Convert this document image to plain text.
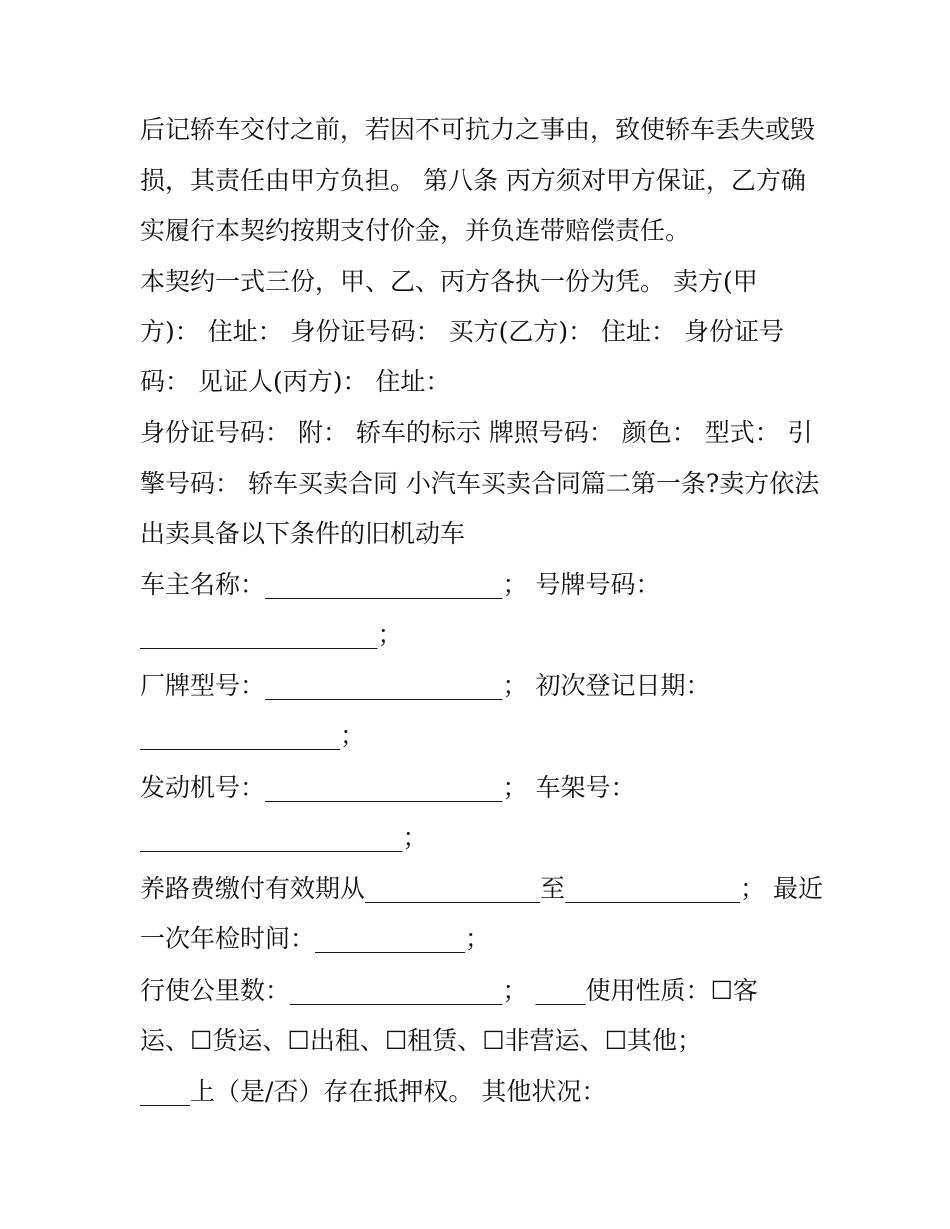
后记轿车交付之前，若因不可抗力之事由，致使轿车丢失或毁
损，其责任由甲方负担。 第八条 丙方须对甲方保证，乙方确
实履行本契约按期支付价金，并负连带赔偿责任。
本契约一式三份，甲、乙、丙方各执一份为凭。 卖方(甲
方)： 住址： 身份证号码： 买方(乙方)： 住址： 身份证号
码： 见证人(丙方)： 住址：
身份证号码： 附： 轿车的标示 牌照号码： 颜色： 型式： 引
擎号码： 轿车买卖合同 小汽车买卖合同篇二第一条?卖方依法
出卖具备以下条件的旧机动车
车主名称：___________________； 号牌号码：
___________________；
厂牌型号：___________________； 初次登记日期：
________________；
发动机号：___________________； 车架号：
_____________________；
养路费缴付有效期从______________至______________； 最近
一次年检时间：____________；
行使公里数：_________________； ____使用性质：☐客
运、☐货运、☐出租、☐租赁、☐非营运、☐其他；
____上（是/否）存在抵押权。 其他状况：
